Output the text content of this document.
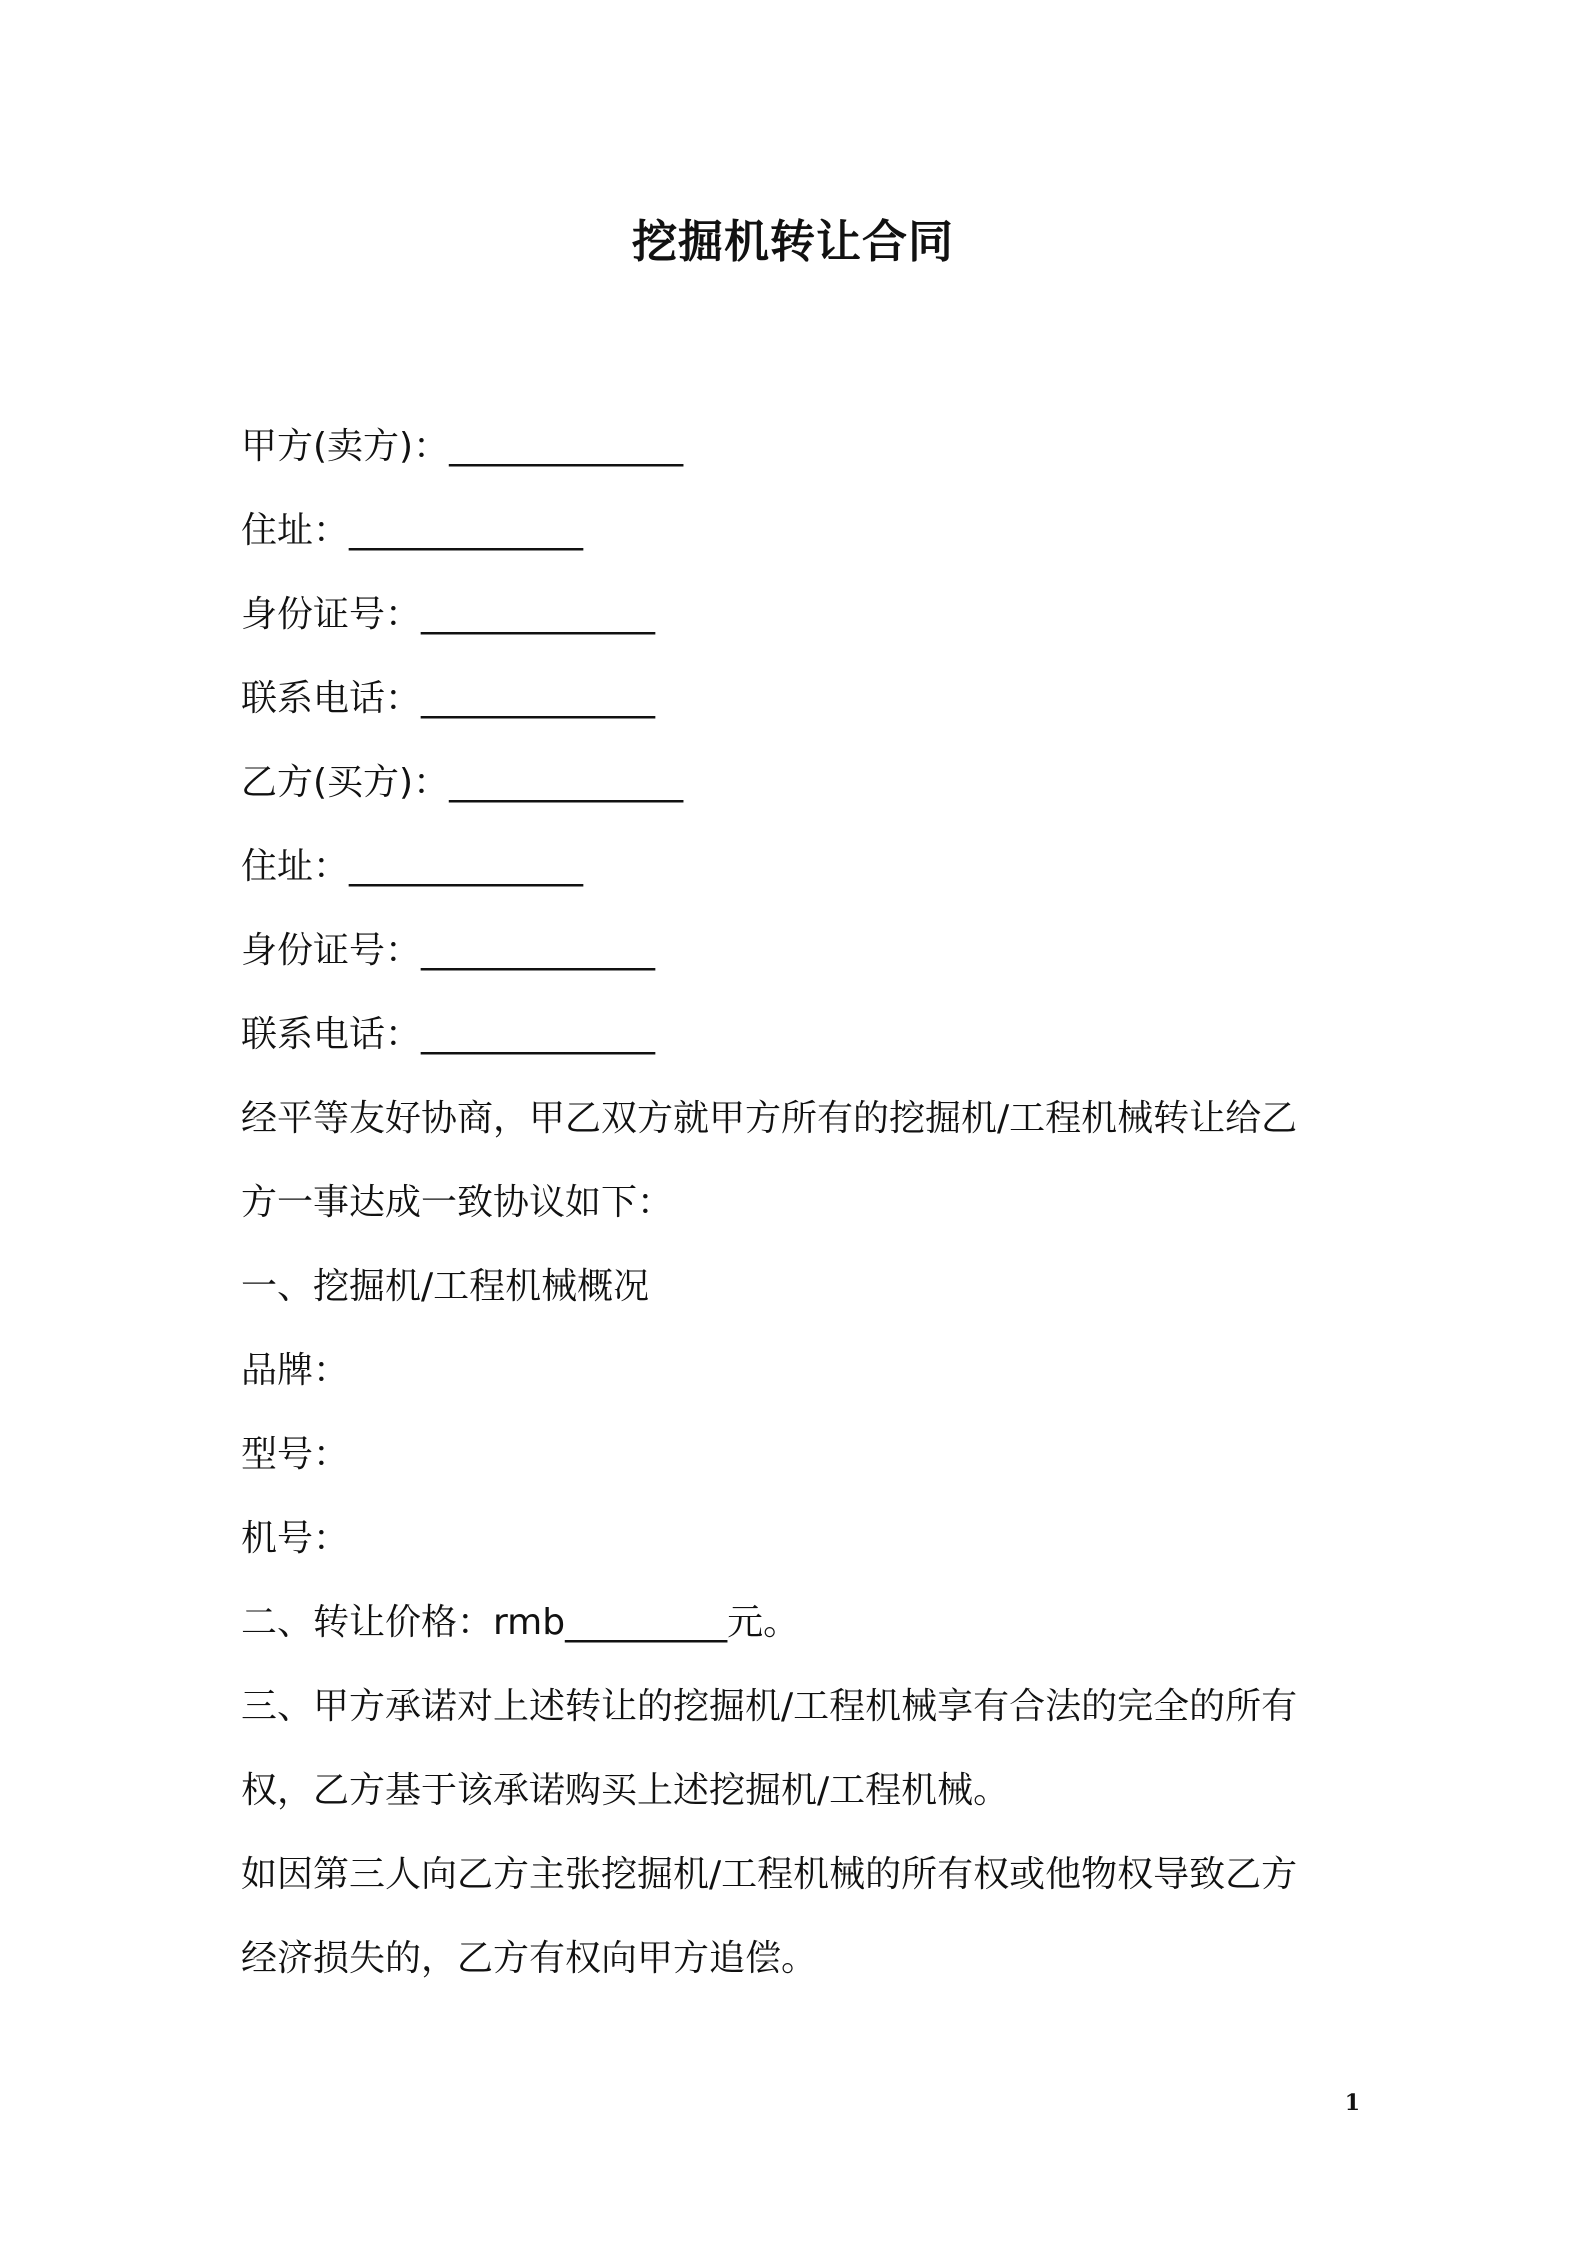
挖掘机转让合同
甲方(卖方)：_____________
住址：_____________
身份证号：_____________
联系电话：_____________
乙方(买方)：_____________
住址：_____________
身份证号：_____________
联系电话：_____________
经平等友好协商，甲乙双方就甲方所有的挖掘机/工程机械转让给乙
方一事达成一致协议如下：
一、挖掘机/工程机械概况
品牌：
型号：
机号：
二、转让价格：rmb_________元。
三、甲方承诺对上述转让的挖掘机/工程机械享有合法的完全的所有
权，乙方基于该承诺购买上述挖掘机/工程机械。
如因第三人向乙方主张挖掘机/工程机械的所有权或他物权导致乙方
经济损失的，乙方有权向甲方追偿。
1
